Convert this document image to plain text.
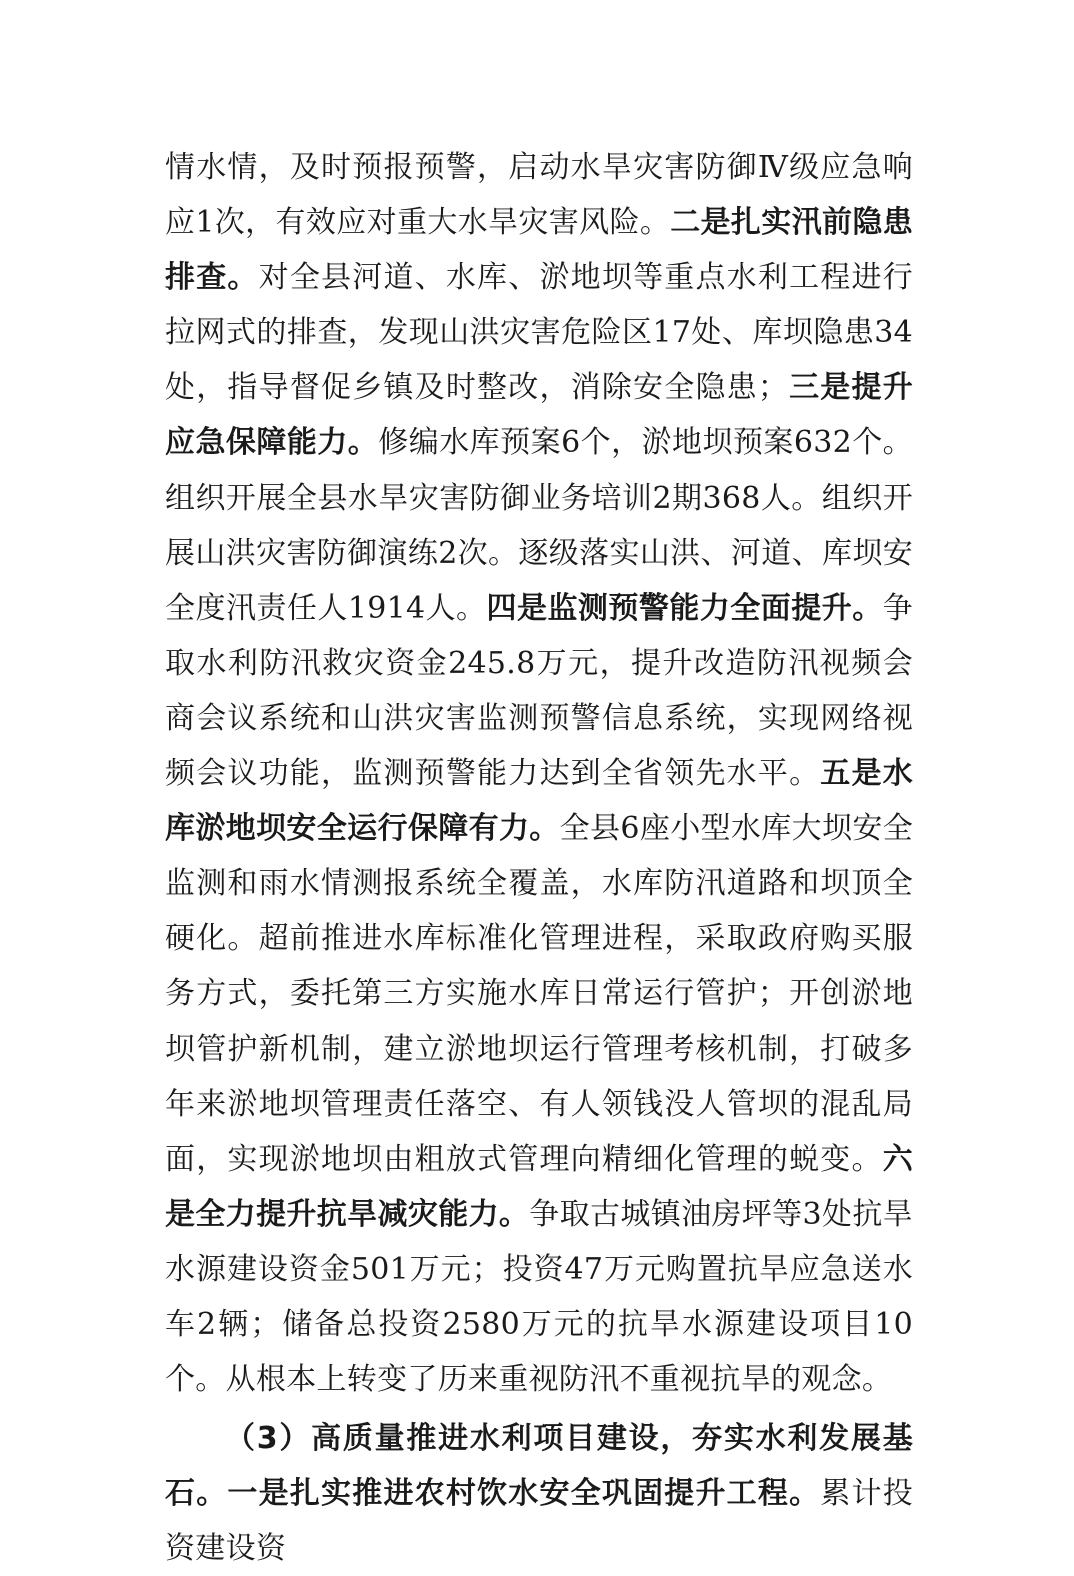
情水情，及时预报预警，启动水旱灾害防御Ⅳ级应急响应1次，有效应对重大水旱灾害风险。二是扎实汛前隐患排查。对全县河道、水库、淤地坝等重点水利工程进行拉网式的排查，发现山洪灾害危险区17处、库坝隐患34处，指导督促乡镇及时整改，消除安全隐患；三是提升应急保障能力。修编水库预案6个，淤地坝预案632个。组织开展全县水旱灾害防御业务培训2期368人。组织开展山洪灾害防御演练2次。逐级落实山洪、河道、库坝安全度汛责任人1914人。四是监测预警能力全面提升。争取水利防汛救灾资金245.8万元，提升改造防汛视频会商会议系统和山洪灾害监测预警信息系统，实现网络视频会议功能，监测预警能力达到全省领先水平。五是水库淤地坝安全运行保障有力。全县6座小型水库大坝安全监测和雨水情测报系统全覆盖，水库防汛道路和坝顶全硬化。超前推进水库标准化管理进程，采取政府购买服务方式，委托第三方实施水库日常运行管护；开创淤地坝管护新机制，建立淤地坝运行管理考核机制，打破多年来淤地坝管理责任落空、有人领钱没人管坝的混乱局面，实现淤地坝由粗放式管理向精细化管理的蜕变。六是全力提升抗旱减灾能力。争取古城镇油房坪等3处抗旱水源建设资金501万元；投资47万元购置抗旱应急送水车2辆；储备总投资2580万元的抗旱水源建设项目10个。从根本上转变了历来重视防汛不重视抗旱的观念。

（3）高质量推进水利项目建设，夯实水利发展基石。一是扎实推进农村饮水安全巩固提升工程。累计投资建设资
